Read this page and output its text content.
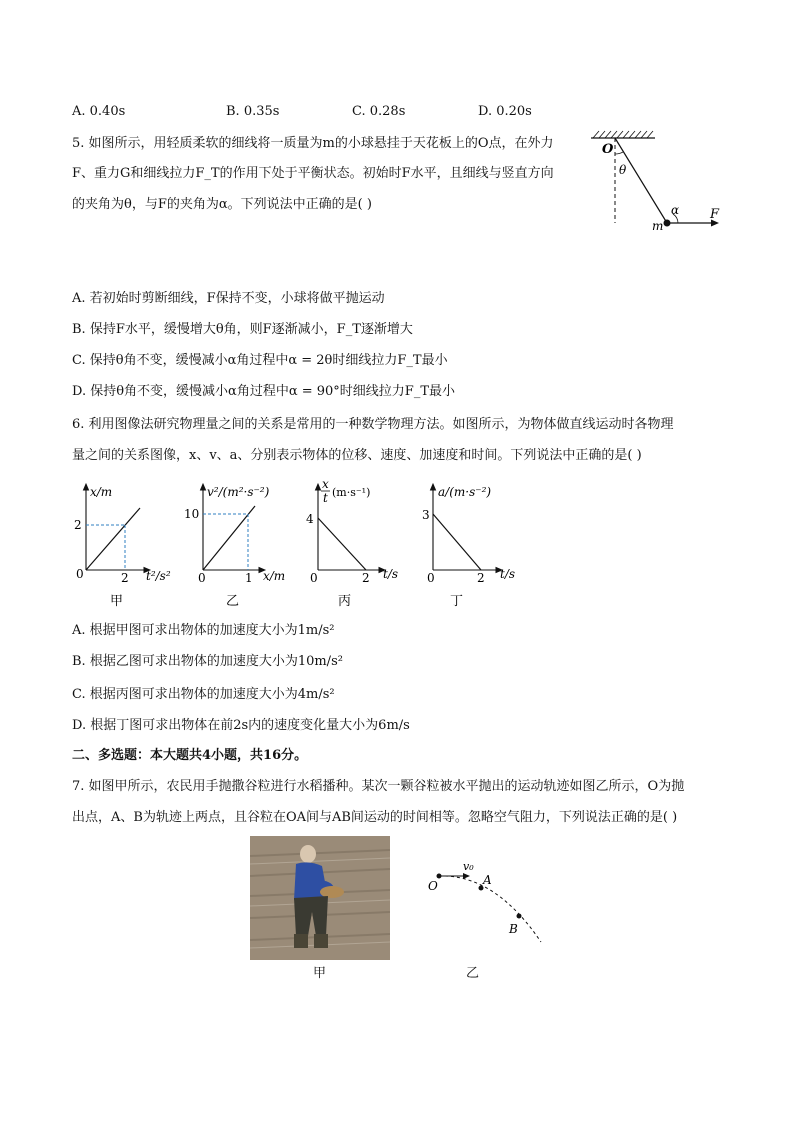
A. 0.40s	B. 0.35s	C. 0.28s	D. 0.20s
5. 如图所示，用轻质柔软的细线将一质量为m的小球悬挂于天花板上的O点，在外力
F、重力G和细线拉力F_T的作用下处于平衡状态。初始时F水平，且细线与竖直方向
的夹角为θ，与F的夹角为α。下列说法中正确的是( )
O
θ
α
m
F
A. 若初始时剪断细线，F保持不变，小球将做平抛运动
B. 保持F水平，缓慢增大θ角，则F逐渐减小，F_T逐渐增大
C. 保持θ角不变，缓慢减小α角过程中α = 2θ时细线拉力F_T最小
D. 保持θ角不变，缓慢减小α角过程中α = 90°时细线拉力F_T最小
6. 利用图像法研究物理量之间的关系是常用的一种数学物理方法。如图所示，为物体做直线运动时各物理
量之间的关系图像，x、v、a、分别表示物体的位移、速度、加速度和时间。下列说法中正确的是( )
x/m
t²/s²
0
2
2
甲
v²/(m²·s⁻²)
x/m
0
10
1
乙
x
t (m·s⁻¹)
t/s
0
4
2
丙
a/(m·s⁻²)
t/s
0
3
2
丁
A. 根据甲图可求出物体的加速度大小为1m/s²
B. 根据乙图可求出物体的加速度大小为10m/s²
C. 根据丙图可求出物体的加速度大小为4m/s²
D. 根据丁图可求出物体在前2s内的速度变化量大小为6m/s
二、多选题：本大题共4小题，共16分。
7. 如图甲所示，农民用手抛撒谷粒进行水稻播种。某次一颗谷粒被水平抛出的运动轨迹如图乙所示，O为抛
出点，A、B为轨迹上两点，且谷粒在OA间与AB间运动的时间相等。忽略空气阻力，下列说法正确的是( )
甲
O
v₀
A
B
乙
